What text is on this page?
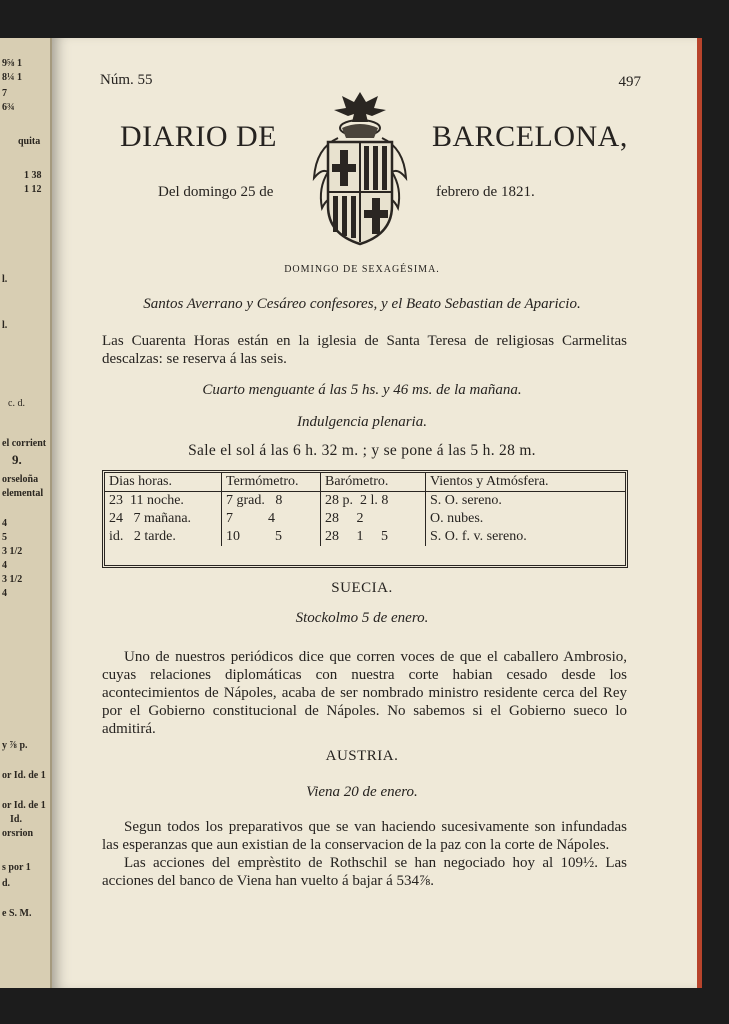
9⅝ 1
8¼ 1
7
6¾
quita
1 38
1 12
l.
l.
c. d.
el corrient
9.
orseloña
elemental
4
5
3 1/2
4
3 1/2
4
y ⅞ p.
or Id. de 1
or Id. de 1
Id.
orsrion
s por 1
d.
e S. M.
Núm. 55	497
DIARIO DE	BARCELONA,
Del domingo 25 de	febrero de 1821.
DOMINGO DE SEXAGÉSIMA.
Santos Averrano y Cesáreo confesores, y el Beato Sebastian de Aparicio.
Las Cuarenta Horas están en la iglesia de Santa Teresa de religiosas Carmelitas descalzas: se reserva á las seis.
Cuarto menguante á las 5 hs. y 46 ms. de la mañana.
Indulgencia plenaria.
Sale el sol á las 6 h. 32 m. ; y se pone á las 5 h. 28 m.
Dias horas.	Termómetro.	Barómetro.	Vientos y Atmósfera.
23  11 noche.	7 grad.   8	28 p.  2 l. 8	S. O. sereno.
24   7 mañana.	7          4	28     2	O. nubes.
id.   2 tarde.	10          5	28     1     5	S. O. f. v. sereno.
SUECIA.
Stockolmo 5 de enero.
Uno de nuestros periódicos dice que corren voces de que el caballero Ambrosio, cuyas relaciones diplomáticas con nuestra corte habian cesado desde los acontecimientos de Nápoles, acaba de ser nombrado ministro residente cerca del Rey por el Gobierno constitucional de Nápoles. No sabemos si el Gobierno sueco lo admitirá.
AUSTRIA.
Viena 20 de enero.
Segun todos los preparativos que se van haciendo sucesivamente son infundadas las esperanzas que aun existian de la conservacion de la paz con la corte de Nápoles.
Las acciones del emprèstito de Rothschil se han negociado hoy al 109½. Las acciones del banco de Viena han vuelto á bajar á 534⅞.
